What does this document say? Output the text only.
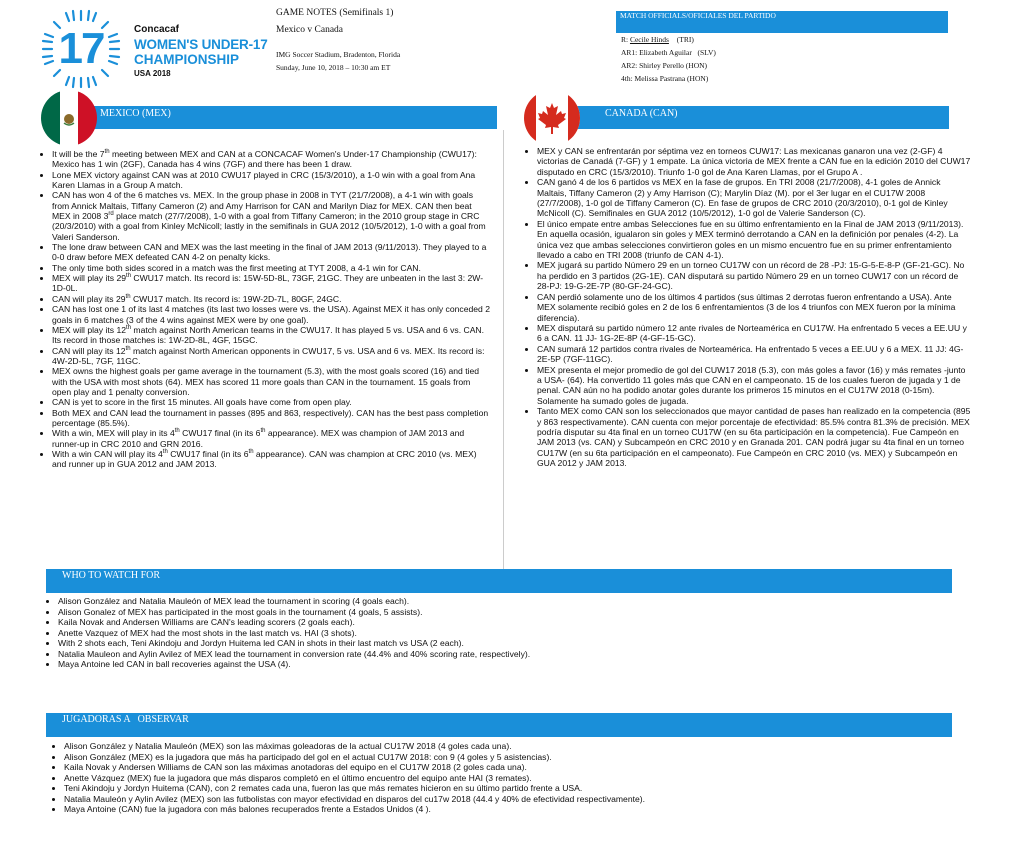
17	Concacaf
WOMEN'S UNDER-17
CHAMPIONSHIP
USA 2018
GAME NOTES (Semifinals 1)
Mexico v Canada
IMG Soccer Stadium, Bradenton, Florida
Sunday, June 10, 2018 – 10:30 am ET
MATCH OFFICIALS/OFICIALES DEL PARTIDO
R: Cecile Hinds (TRI)
AR1: Elizabeth Aguilar   (SLV)
AR2: Shirley Perello (HON)
4th: Melissa Pastrana (HON)
MEXICO (MEX)	CANADA (CAN)
• It will be the 7th meeting between MEX and CAN at a CONCACAF Women's Under-17 Championship (CWU17): Mexico has 1 win (2GF), Canada has 4 wins (7GF) and there has been 1 draw.
• Lone MEX victory against CAN was at 2010 CWU17 played in CRC (15/3/2010), a 1-0 win with a goal from Ana Karen Llamas in a Group A match.
• CAN has won 4 of the 6 matches vs. MEX. In the group phase in 2008 in TYT (21/7/2008), a 4-1 win with goals from Annick Maltais, Tiffany Cameron (2) and Amy Harrison for CAN and Marilyn Diaz for MEX. CAN then beat MEX in 2008 3rd place match (27/7/2008), 1-0 with a goal from Tiffany Cameron; in the 2010 group stage in CRC (20/3/2010) with a goal from Kinley McNicoll; lastly in the semifinals in GUA 2012 (10/5/2012), 1-0 with a goal from Valeri Sanderson.
• The lone draw between CAN and MEX was the last meeting in the final of JAM 2013 (9/11/2013). They played to a 0-0 draw before MEX defeated CAN 4-2 on penalty kicks.
• The only time both sides scored in a match was the first meeting at TYT 2008, a 4-1 win for CAN.
• MEX will play its 29th CWU17 match. Its record is: 15W-5D-8L, 73GF, 21GC. They are unbeaten in the last 3: 2W-1D-0L.
• CAN will play its 29th CWU17 match. Its record is: 19W-2D-7L, 80GF, 24GC.
• CAN has lost one 1 of its last 4 matches (its last two losses were vs. the USA). Against MEX it has only conceded 2 goals in 6 matches (3 of the 4 wins against MEX were by one goal).
• MEX will play its 12th match against North American teams in the CWU17. It has played 5 vs. USA and 6 vs. CAN. Its record in those matches is: 1W-2D-8L, 4GF, 15GC.
• CAN will play its 12th match against North American opponents in CWU17, 5 vs. USA and 6 vs. MEX. Its record is: 4W-2D-5L, 7GF, 11GC.
• MEX owns the highest goals per game average in the tournament (5.3), with the most goals scored (16) and tied with the USA with most shots (64). MEX has scored 11 more goals than CAN in the tournament. 15 goals from open play and 1 penalty conversion.
• CAN is yet to score in the first 15 minutes. All goals have come from open play.
• Both MEX and CAN lead the tournament in passes (895 and 863, respectively). CAN has the best pass completion percentage (85.5%).
• With a win, MEX will play in its 4th CWU17 final (in its 6th appearance). MEX was champion of JAM 2013 and runner-up in CRC 2010 and GRN 2016.
• With a win CAN will play its 4th CWU17 final (in its 6th appearance). CAN was champion at CRC 2010 (vs. MEX) and runner up in GUA 2012 and JAM 2013.
• MEX y CAN se enfrentarán por séptima vez en torneos CUW17: Las mexicanas ganaron una vez (2-GF) 4 victorias de Canadá (7-GF) y 1 empate. La única victoria de MEX frente a CAN fue en la edición 2010 del CUW17 disputado en CRC (15/3/2010). Triunfo 1-0 gol de Ana Karen Llamas, por el Grupo A .
• CAN ganó 4 de los 6 partidos vs MEX en la fase de grupos. En TRI 2008 (21/7/2008), 4-1 goles de Annick Maltais, Tiffany Cameron (2) y Amy Harrison (C); Marylin Díaz (M). por el 3er lugar en el CU17W 2008 (27/7/2008), 1-0 gol de Tiffany Cameron (C). En fase de grupos de CRC 2010 (20/3/2010), 0-1 gol de Kinley McNicoll (C). Semifinales en GUA 2012 (10/5/2012), 1-0 gol de Valerie Sanderson (C).
• El único empate entre ambas Selecciones fue en su último enfrentamiento en la Final de JAM 2013 (9/11/2013). En aquella ocasión, igualaron sin goles y MEX terminó derrotando a CAN en la definición por penales (4-2). La única vez que ambas selecciones convirtieron goles en un mismo encuentro fue en su primer enfrentamiento llevado a cabo en TRI 2008 (triunfo de CAN 4-1).
• MEX jugará su partido Número 29 en un torneo CU17W con un récord de 28 -PJ: 15-G-5-E-8-P (GF-21-GC). No ha perdido en 3 partidos (2G-1E). CAN disputará su partido Número 29 en un torneo CUW17 con un récord de 28-PJ: 19-G-2E-7P (80-GF-24-GC).
• CAN perdió solamente uno de los últimos 4 partidos (sus últimas 2 derrotas fueron enfrentando a USA). Ante MEX solamente recibió goles en 2 de los 6 enfrentamientos (3 de los 4 triunfos con MEX fueron por la mínima diferencia).
• MEX disputará su partido número 12 ante rivales de Norteamérica en CU17W. Ha enfrentado 5 veces a EE.UU y 6 a CAN. 11 JJ- 1G-2E-8P (4-GF-15-GC).
• CAN sumará 12 partidos contra rivales de Norteamérica. Ha enfrentado 5 veces a EE.UU y 6 a MEX. 11 JJ: 4G-2E-5P (7GF-11GC).
• MEX presenta el mejor promedio de gol del CUW17 2018 (5.3), con más goles a favor (16) y más remates -junto a USA- (64). Ha convertido 11 goles más que CAN en el campeonato. 15 de los cuales fueron de jugada y 1 de penal. CAN aún no ha podido anotar goles durante los primeros 15 minutos en el CU17W 2018 (0-15m). Solamente ha sumado goles de jugada.
• Tanto MEX como CAN son los seleccionados que mayor cantidad de pases han realizado en la competencia (895 y 863 respectivamente). CAN cuenta con mejor porcentaje de efectividad: 85.5% contra 81.3% de precisión. MEX podría disputar su 4ta final en un torneo CU17W (en su 6ta participación en la competencia). Fue Campeón en JAM 2013 (vs. CAN) y Subcampeón en CRC 2010 y en Granada 201. CAN podrá jugar su 4ta final en un torneo CU17W (en su 6ta participación en el campeonato). Fue Campeón en CRC 2010 (vs. MEX) y Subcampeón en GUA 2012 y JAM 2013.
WHO TO WATCH FOR
• Alison González and Natalia Mauleón of MEX lead the tournament in scoring (4 goals each).
• Alison Gonalez of MEX has participated in the most goals in the tournament (4 goals, 5 assists).
• Kaila Novak and Andersen Williams are CAN's leading scorers (2 goals each).
• Anette Vazquez of MEX had the most shots in the last match vs. HAI (3 shots).
• With 2 shots each, Teni Akindoju and Jordyn Huitema led CAN in shots in their last match vs USA (2 each).
• Natalia Mauleon and Aylin Avilez of MEX lead the tournament in conversion rate (44.4% and 40% scoring rate, respectively).
• Maya Antoine led CAN in ball recoveries against the USA (4).
JUGADORAS A   OBSERVAR
• Alison González y Natalia Mauleón (MEX) son las máximas goleadoras de la actual CU17W 2018 (4 goles cada una).
• Alison González (MEX) es la jugadora que más ha participado del gol en el actual CU17W 2018: con 9 (4 goles y 5 asistencias).
• Kaila Novak y Andersen Williams de CAN son las máximas anotadoras del equipo en el CU17W 2018 (2 goles cada una).
• Anette Vázquez (MEX) fue la jugadora que más disparos completó en el último encuentro del equipo ante HAI (3 remates).
• Teni Akindoju y Jordyn Huitema (CAN), con 2 remates cada una, fueron las que más remates hicieron en su último partido frente a USA.
• Natalia Mauleón y Aylin Avilez (MEX) son las futbolistas con mayor efectividad en disparos del cu17w 2018 (44.4 y 40% de efectividad respectivamente).
• Maya Antoine (CAN) fue la jugadora con más balones recuperados frente a Estados Unidos (4 ).
